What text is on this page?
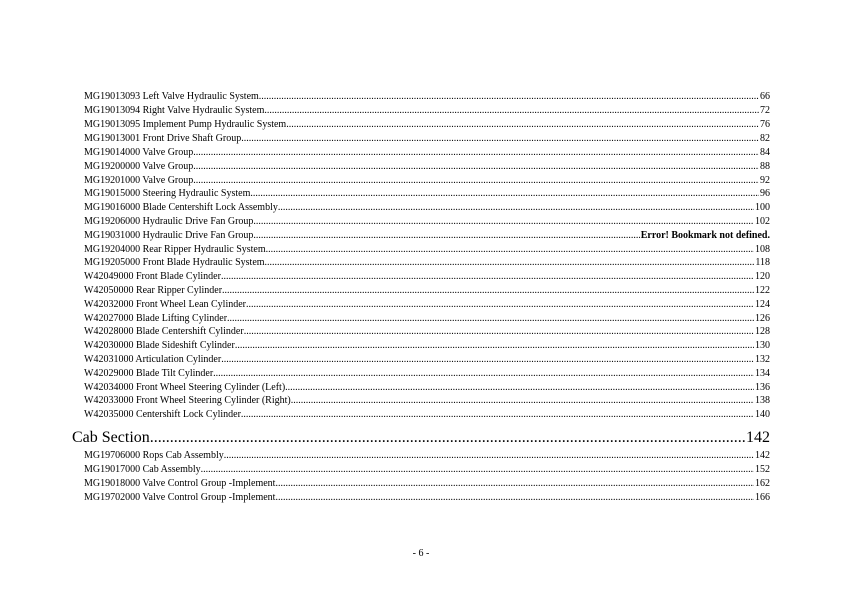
MG19013093 Left Valve Hydraulic System .....	66
MG19013094 Right Valve Hydraulic System .....	72
MG19013095 Implement Pump Hydraulic System .....	76
MG19013001 Front Drive Shaft Group .....	82
MG19014000 Valve Group .....	84
MG19200000 Valve Group .....	88
MG19201000 Valve Group .....	92
MG19015000 Steering Hydraulic System .....	96
MG19016000 Blade Centershift Lock Assembly .....	100
MG19206000 Hydraulic Drive Fan Group .....	102
MG19031000 Hydraulic Drive Fan Group .....	Error! Bookmark not defined.
MG19204000 Rear Ripper Hydraulic System .....	108
MG19205000 Front Blade Hydraulic System .....	118
W42049000 Front Blade Cylinder .....	120
W42050000 Rear Ripper Cylinder .....	122
W42032000 Front Wheel Lean Cylinder .....	124
W42027000 Blade Lifting Cylinder .....	126
W42028000 Blade Centershift Cylinder .....	128
W42030000 Blade Sideshift Cylinder .....	130
W42031000 Articulation Cylinder .....	132
W42029000 Blade Tilt Cylinder .....	134
W42034000 Front Wheel Steering Cylinder (Left) .....	136
W42033000 Front Wheel Steering Cylinder (Right) .....	138
W42035000 Centershift Lock Cylinder .....	140
Cab Section .....	142
MG19706000 Rops Cab Assembly .....	142
MG19017000 Cab Assembly .....	152
MG19018000 Valve Control Group -Implement .....	162
MG19702000 Valve Control Group -Implement .....	166
- 6 -
